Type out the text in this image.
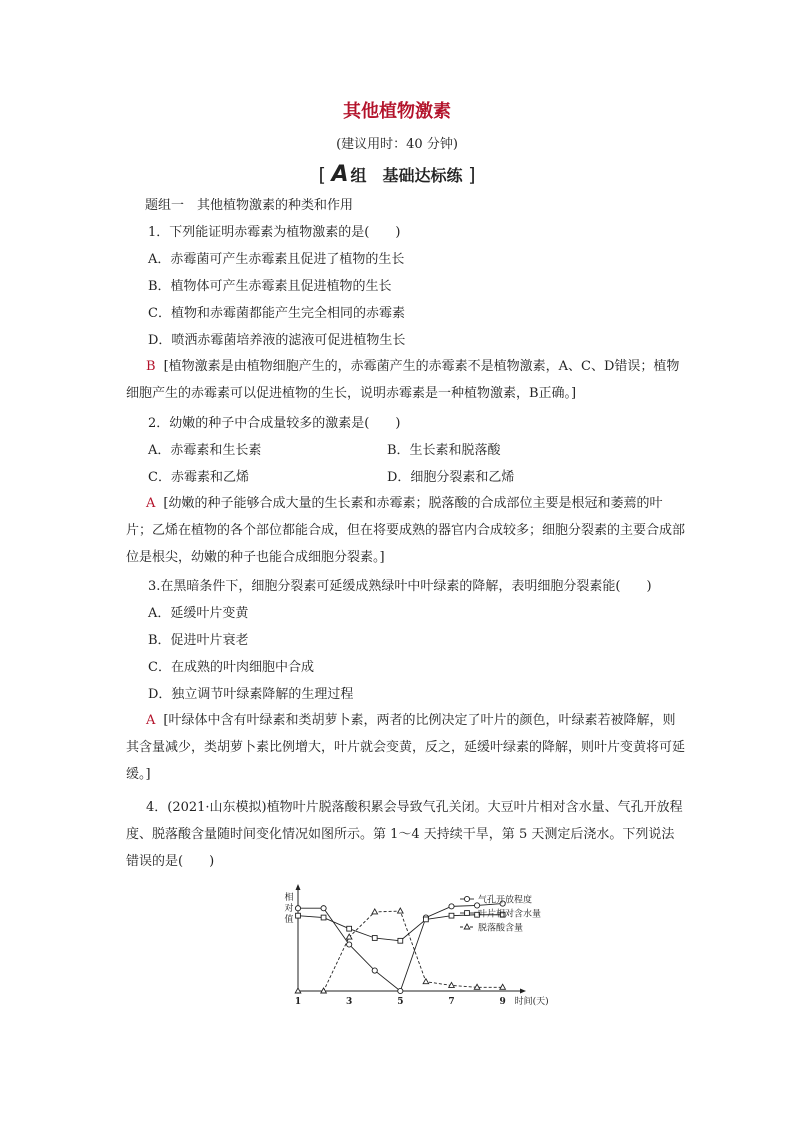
其他植物激素
(建议用时：40 分钟)
[ A 组　基础达标练 ]
题组一　其他植物激素的种类和作用
1．下列能证明赤霉素为植物激素的是(　　)
A．赤霉菌可产生赤霉素且促进了植物的生长
B．植物体可产生赤霉素且促进植物的生长
C．植物和赤霉菌都能产生完全相同的赤霉素
D．喷洒赤霉菌培养液的滤液可促进植物生长
B [植物激素是由植物细胞产生的，赤霉菌产生的赤霉素不是植物激素，A、C、D错误；植物细胞产生的赤霉素可以促进植物的生长，说明赤霉素是一种植物激素，B正确。]
2．幼嫩的种子中合成量较多的激素是(　　)
A．赤霉素和生长素	B．生长素和脱落酸
C．赤霉素和乙烯	D．细胞分裂素和乙烯
A [幼嫩的种子能够合成大量的生长素和赤霉素；脱落酸的合成部位主要是根冠和萎蔫的叶片；乙烯在植物的各个部位都能合成，但在将要成熟的器官内合成较多；细胞分裂素的主要合成部位是根尖，幼嫩的种子也能合成细胞分裂素。]
3.在黑暗条件下，细胞分裂素可延缓成熟绿叶中叶绿素的降解，表明细胞分裂素能(　　)
A．延缓叶片变黄
B．促进叶片衰老
C．在成熟的叶肉细胞中合成
D．独立调节叶绿素降解的生理过程
A [叶绿体中含有叶绿素和类胡萝卜素，两者的比例决定了叶片的颜色，叶绿素若被降解，则其含量减少，类胡萝卜素比例增大，叶片就会变黄，反之，延缓叶绿素的降解，则叶片变黄将可延缓。]
4．(2021·山东模拟)植物叶片脱落酸积累会导致气孔关闭。大豆叶片相对含水量、气孔开放程度、脱落酸含量随时间变化情况如图所示。第 1～4 天持续干旱，第 5 天测定后浇水。下列说法错误的是(　　)
相
对
值
1	3	5	7	9 时间(天)
气孔开放程度
叶片相对含水量
脱落酸含量
